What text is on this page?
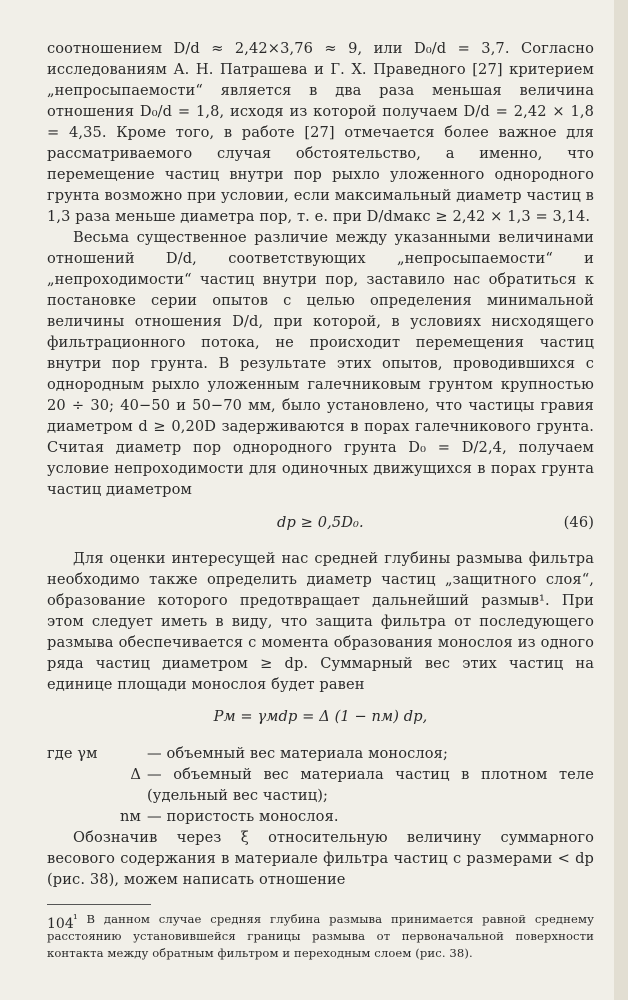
соотношением D/d ≈ 2,42×3,76 ≈ 9, или D₀/d = 3,7. Согласно исследованиям А. Н. Патрашева и Г. Х. Праведного [27] критерием „непросыпаемости“ является в два раза меньшая величина отношения D₀/d = 1,8, исходя из которой получаем D/d = 2,42 × 1,8 = 4,35. Кроме того, в работе [27] отмечается более важное для рассматриваемого случая обстоятельство, а именно, что перемещение частиц внутри пор рыхло уложенного однородного грунта возможно при условии, если максимальный диаметр частиц в 1,3 раза меньше диаметра пор, т. е. при D/dмакс ≥ 2,42 × 1,3 = 3,14.

Весьма существенное различие между указанными величинами отношений D/d, соответствующих „непросыпаемости“ и „непроходимости“ частиц внутри пор, заставило нас обратиться к постановке серии опытов с целью определения минимальной величины отношения D/d, при которой, в условиях нисходящего фильтрационного потока, не происходит перемещения частиц внутри пор грунта. В результате этих опытов, проводившихся с однородным рыхло уложенным галечниковым грунтом крупностью 20 ÷ 30; 40−50 и 50−70 мм, было установлено, что частицы гравия диаметром d ≥ 0,20D задерживаются в порах галечникового грунта. Считая диаметр пор однородного грунта D₀ = D/2,4, получаем условие непроходимости для одиночных движущихся в порах грунта частиц диаметром

dр ≥ 0,5D₀.	(46)

Для оценки интересущей нас средней глубины размыва фильтра необходимо также определить диаметр частиц „защитного слоя“, образование которого предотвращает дальнейший размыв¹. При этом следует иметь в виду, что защита фильтра от последующего размыва обеспечивается с момента образования монослоя из одного ряда частиц диаметром ≥ dр. Суммарный вес этих частиц на единице площади монослоя будет равен

Pм = γмdр = Δ (1 − nм) dр,

где γм	— объемный вес материала монослоя;

Δ — объемный вес материала частиц в плотном теле (удельный вес частиц);

nм — пористость монослоя.

Обозначив через ξ относительную величину суммарного весового содержания в материале фильтра частиц с размерами < dр (рис. 38), можем написать отношение

¹ В данном случае средняя глубина размыва принимается равной среднему расстоянию установившейся границы размыва от первоначальной поверхности контакта между обратным фильтром и переходным слоем (рис. 38).

104
